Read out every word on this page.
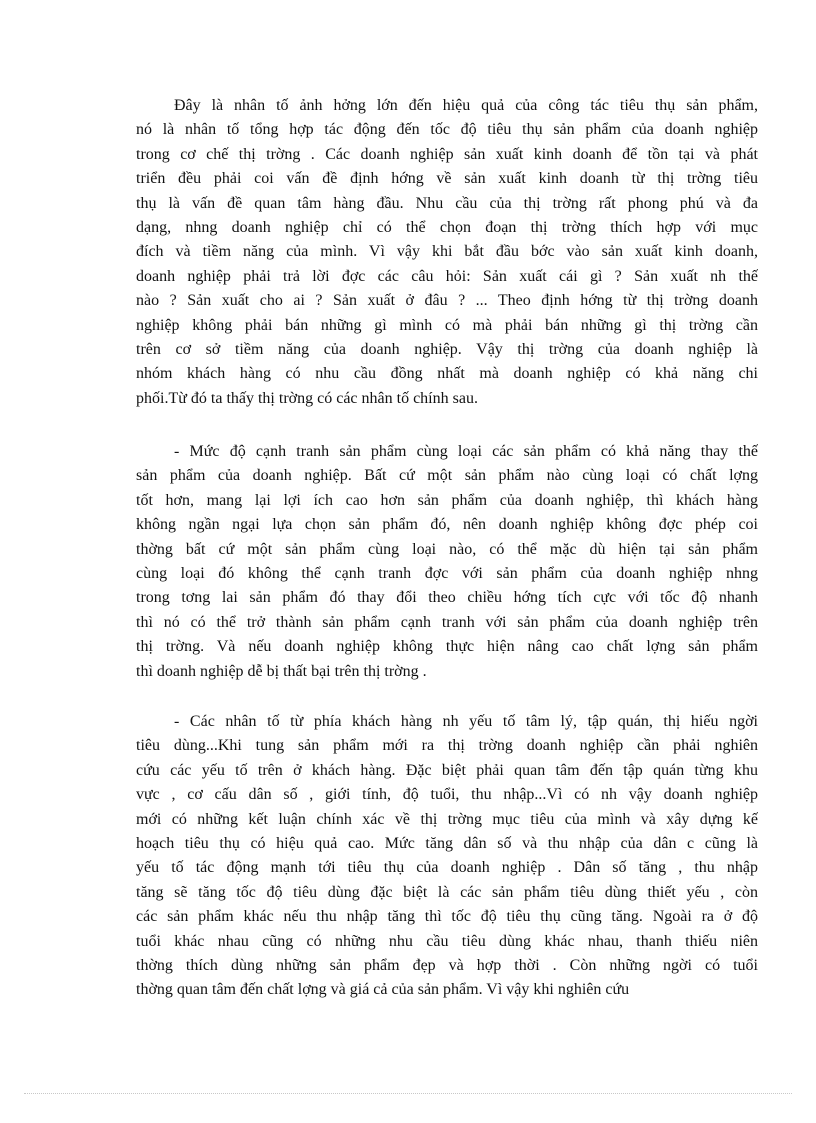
Đây là nhân tố ảnh hởng lớn đến hiệu quả của công tác tiêu thụ sản phẩm,
nó là nhân tố tổng hợp tác động đến tốc độ tiêu thụ sản phẩm của doanh nghiệp
trong cơ chế thị trờng . Các doanh nghiệp sản xuất kinh doanh để tồn tại và phát
triển đều phải coi vấn đề định hớng về sản xuất kinh doanh từ thị trờng tiêu
thụ là vấn đề quan tâm hàng đầu. Nhu cầu của thị trờng rất phong phú và đa
dạng, nhng doanh nghiệp chỉ có thể chọn đoạn thị trờng thích hợp với mục
đích và tiềm năng của mình. Vì vậy khi bắt đầu bớc vào sản xuất kinh doanh,
doanh nghiệp phải trả lời đợc các câu hỏi: Sản xuất cái gì ? Sản xuất nh thế
nào ? Sản xuất cho ai ? Sản xuất ở đâu ? ... Theo định hớng từ thị trờng doanh
nghiệp không phải bán những gì mình có mà phải bán những gì thị trờng cần
trên cơ sở tiềm năng của doanh nghiệp. Vậy thị trờng của doanh nghiệp là
nhóm khách hàng có nhu cầu đồng nhất mà doanh nghiệp có khả năng chi
phối.Từ đó ta thấy thị trờng có các nhân tố chính sau.
- Mức độ cạnh tranh sản phẩm cùng loại các sản phẩm có khả năng thay thế
sản phẩm của doanh nghiệp. Bất cứ một sản phẩm nào cùng loại có chất lợng
tốt hơn, mang lại lợi ích cao hơn sản phẩm của doanh nghiệp, thì khách hàng
không ngần ngại lựa chọn sản phẩm đó, nên doanh nghiệp không đợc phép coi
thờng bất cứ một sản phẩm cùng loại nào, có thể mặc dù hiện tại sản phẩm
cùng loại đó không thể cạnh tranh đợc với sản phẩm của doanh nghiệp nhng
trong tơng lai sản phẩm đó thay đổi theo chiều hớng tích cực với tốc độ nhanh
thì nó có thể trở thành sản phẩm cạnh tranh với sản phẩm của doanh nghiệp trên
thị trờng. Và nếu doanh nghiệp không thực hiện nâng cao chất lợng sản phẩm
thì doanh nghiệp dễ bị thất bại trên thị trờng .
- Các nhân tố từ phía khách hàng nh yếu tố tâm lý, tập quán, thị hiếu ngời
tiêu dùng...Khi tung sản phẩm mới ra thị trờng doanh nghiệp cần phải nghiên
cứu các yếu tố trên ở khách hàng. Đặc biệt phải quan tâm đến tập quán từng khu
vực , cơ cấu dân số , giới tính, độ tuổi, thu nhập...Vì có nh vậy doanh nghiệp
mới có những kết luận chính xác về thị trờng mục tiêu của mình và xây dựng kế
hoạch tiêu thụ có hiệu quả cao. Mức tăng dân số và thu nhập của dân c cũng là
yếu tố tác động mạnh tới tiêu thụ của doanh nghiệp . Dân số tăng , thu nhập
tăng sẽ tăng tốc độ tiêu dùng đặc biệt là các sản phẩm tiêu dùng thiết yếu , còn
các sản phẩm khác nếu thu nhập tăng thì tốc độ tiêu thụ cũng tăng. Ngoài ra ở độ
tuổi khác nhau cũng có những nhu cầu tiêu dùng khác nhau, thanh thiếu niên
thờng thích dùng những sản phẩm đẹp và hợp thời . Còn những ngời có tuổi
thờng quan tâm đến chất lợng và giá cả của sản phẩm. Vì vậy khi nghiên cứu
